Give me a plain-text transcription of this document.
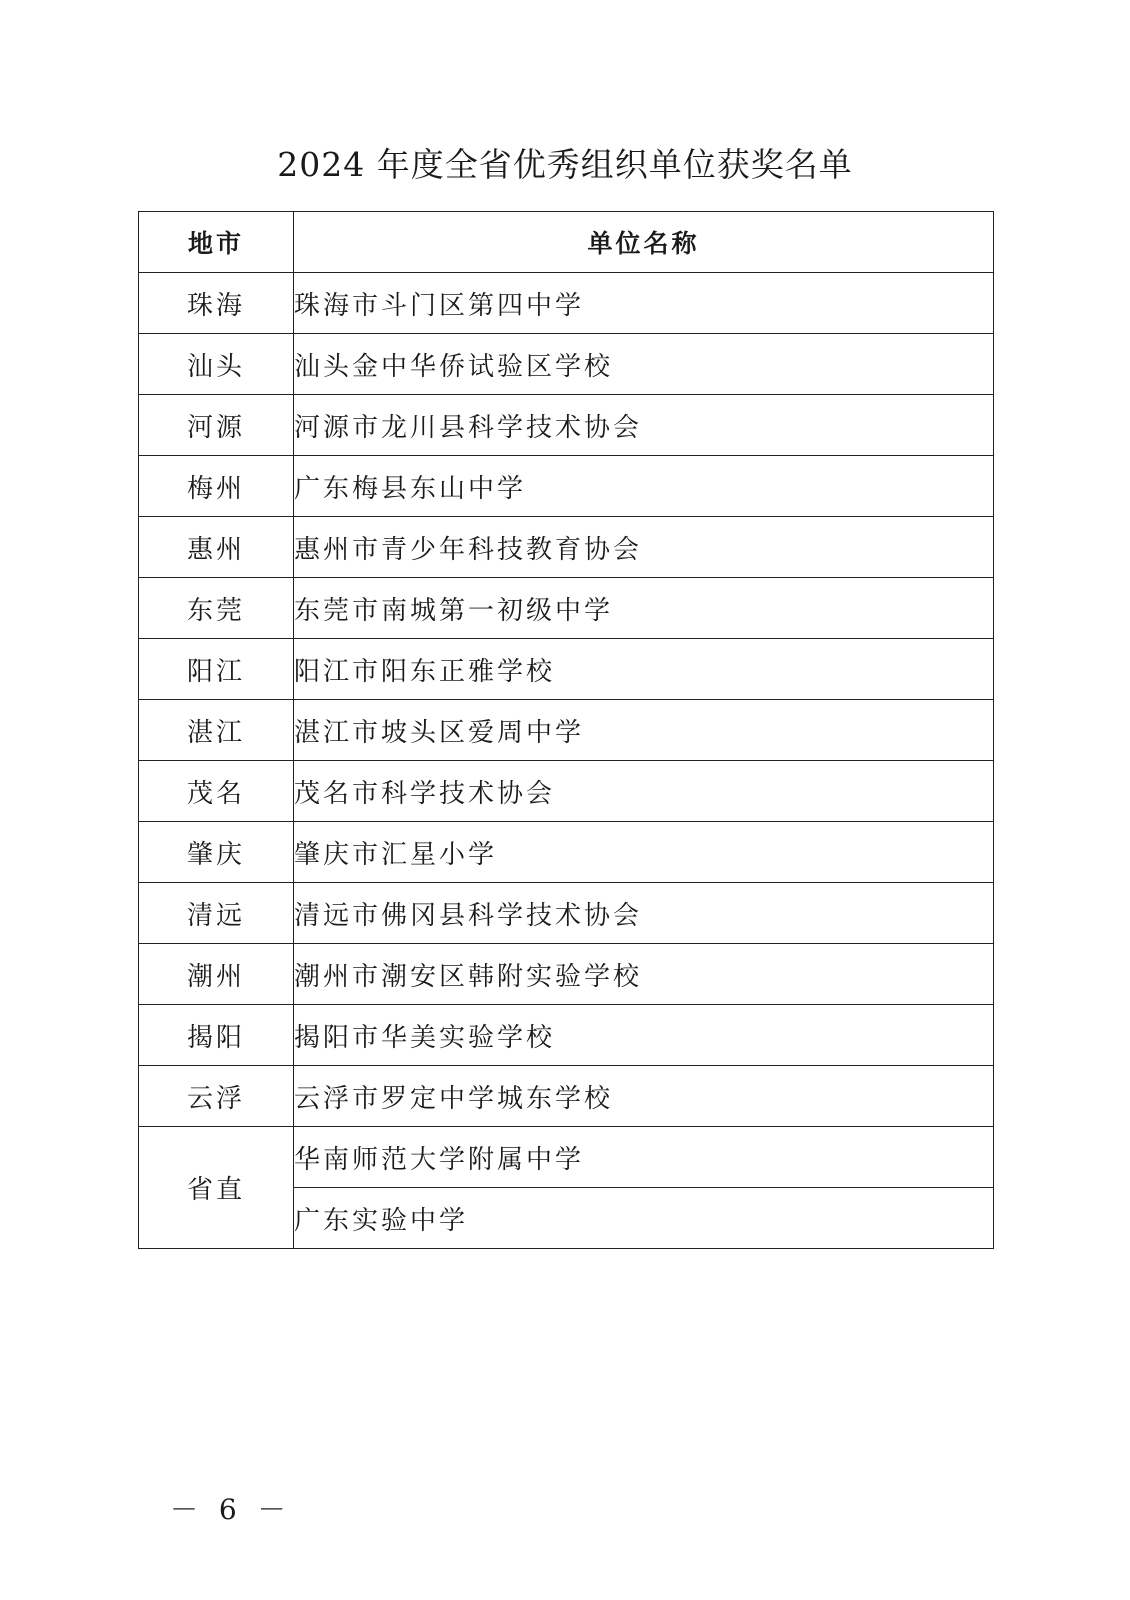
2024 年度全省优秀组织单位获奖名单
地市	单位名称
珠海	珠海市斗门区第四中学
汕头	汕头金中华侨试验区学校
河源	河源市龙川县科学技术协会
梅州	广东梅县东山中学
惠州	惠州市青少年科技教育协会
东莞	东莞市南城第一初级中学
阳江	阳江市阳东正雅学校
湛江	湛江市坡头区爱周中学
茂名	茂名市科学技术协会
肇庆	肇庆市汇星小学
清远	清远市佛冈县科学技术协会
潮州	潮州市潮安区韩附实验学校
揭阳	揭阳市华美实验学校
云浮	云浮市罗定中学城东学校
省直	华南师范大学附属中学
	广东实验中学
－ 6 －
